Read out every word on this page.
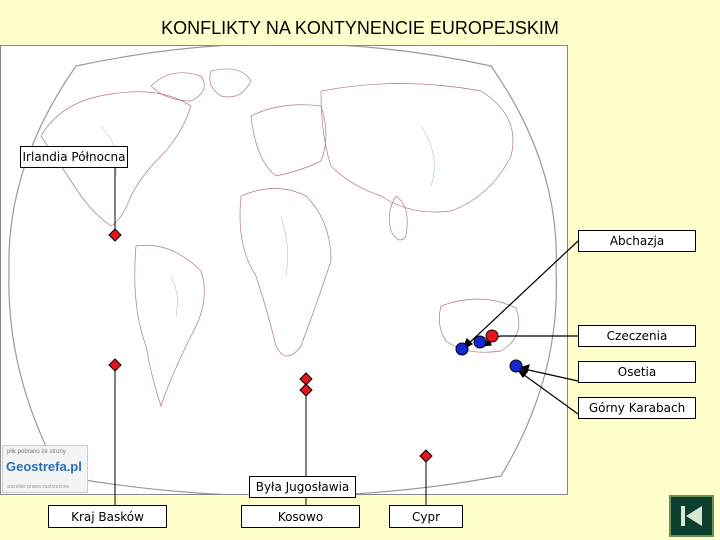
KONFLIKTY NA KONTYNENCIE EUROPEJSKIM
Irlandia Północna
Abchazja
Czeczenia
Osetia
Górny Karabach
Była Jugosławia
Kraj Basków	Kosowo	Cypr
plik pobrano ze strony
Geostrefa.pl
wszelkie prawa zastrzeżone
